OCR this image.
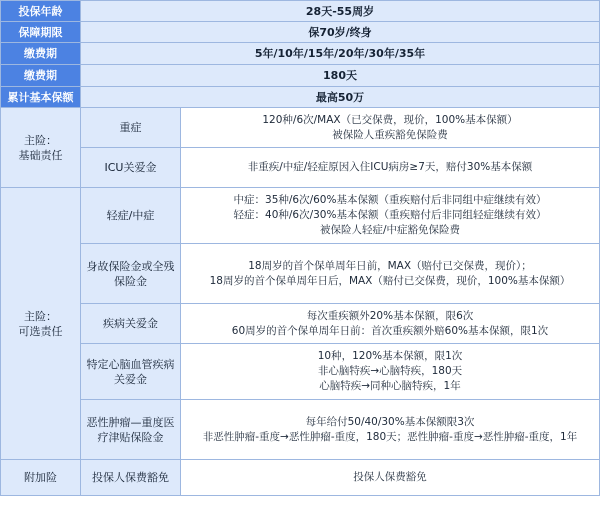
投保年龄	28天-55周岁	
保障期限	保70岁/终身	
缴费期	5年/10年/15年/20年/30年/35年	
缴费期	180天	
累计基本保额	最高50万	

主险：
基础责任	重症	120种/6次/MAX（已交保费，现价，100%基本保额）
被保险人重疾豁免保险费

	ICU关爱金	非重疾/中症/轻症原因入住ICU病房≥7天，赔付30%基本保额

主险：
可选责任	轻症/中症	中症：35种/6次/60%基本保额（重疾赔付后非同组中症继续有效）
轻症：40种/6次/30%基本保额（重疾赔付后非同组轻症继续有效）
被保险人轻症/中症豁免保险费

	身故保险金或全残保险金	18周岁的首个保单周年日前，MAX（赔付已交保费，现价）；
18周岁的首个保单周年日后，MAX（赔付已交保费，现价，100%基本保额）

	疾病关爱金	每次重疾额外20%基本保额，限6次
60周岁的首个保单周年日前：首次重疾额外赔60%基本保额，限1次

	特定心脑血管疾病关爱金	10种，120%基本保额，限1次
非心脑特疾→心脑特疾，180天
心脑特疾→同种心脑特疾，1年

	恶性肿瘤—重度医疗津贴保险金	每年给付50/40/30%基本保额限3次
非恶性肿瘤-重度→恶性肿瘤-重度，180天；恶性肿瘤-重度→恶性肿瘤-重度，1年

附加险	投保人保费豁免	投保人保费豁免
